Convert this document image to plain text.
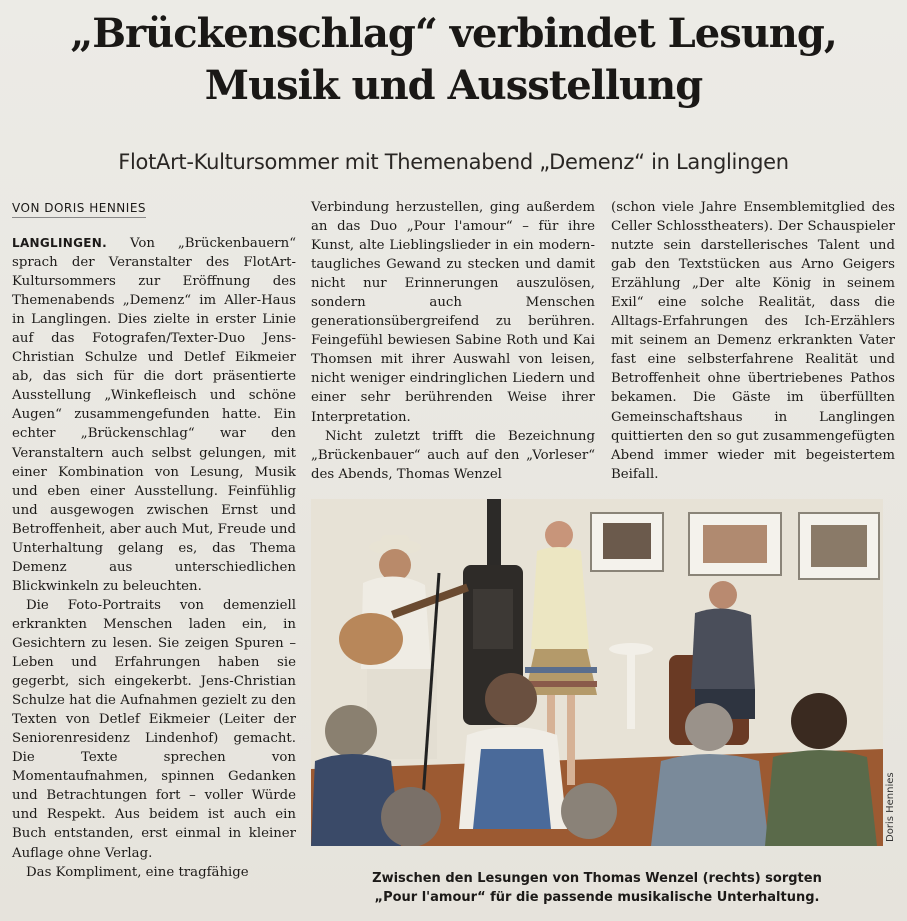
„Brückenschlag“ verbindet Lesung,
Musik und Ausstellung
FlotArt-Kultursommer mit Themenabend „Demenz“ in Langlingen
VON DORIS HENNIES

LANGLINGEN. Von „Brückenbauern“ sprach der Veranstalter des FlotArt-Kultursommers zur Eröffnung des Themenabends „Demenz“ im Aller-Haus in Langlingen. Dies zielte in erster Linie auf das Fotografen/Texter-Duo Jens-Christian Schulze und Detlef Eikmeier ab, das sich für die dort präsentierte Ausstellung „Winkefleisch und schöne Augen“ zusammengefunden hatte. Ein echter „Brückenschlag“ war den Veranstaltern auch selbst gelungen, mit einer Kombination von Lesung, Musik und eben einer Ausstellung. Feinfühlig und ausgewogen zwischen Ernst und Betroffenheit, aber auch Mut, Freude und Unterhaltung gelang es, das Thema Demenz aus unterschiedlichen Blickwinkeln zu beleuchten.

Die Foto-Portraits von demenziell erkrankten Menschen laden ein, in Gesichtern zu lesen. Sie zeigen Spuren – Leben und Erfahrungen haben sie gegerbt, sich eingekerbt. Jens-Christian Schulze hat die Aufnahmen gezielt zu den Texten von Detlef Eikmeier (Leiter der Seniorenresidenz Lindenhof) gemacht. Die Texte sprechen von Momentaufnahmen, spinnen Gedanken und Betrachtungen fort – voller Würde und Respekt. Aus beidem ist auch ein Buch entstanden, erst einmal in kleiner Auflage ohne Verlag.

Das Kompliment, eine tragfähige

Verbindung herzustellen, ging außerdem an das Duo „Pour l'amour“ – für ihre Kunst, alte Lieblingslieder in ein modern-taugliches Gewand zu stecken und damit nicht nur Erinnerungen auszulösen, sondern auch Menschen generationsübergreifend zu berühren. Feingefühl bewiesen Sabine Roth und Kai Thomsen mit ihrer Auswahl von leisen, nicht weniger eindringlichen Liedern und einer sehr berührenden Weise ihrer Interpretation.

Nicht zuletzt trifft die Bezeichnung „Brückenbauer“ auch auf den „Vorleser“ des Abends, Thomas Wenzel

(schon viele Jahre Ensemblemitglied des Celler Schlosstheaters). Der Schauspieler nutzte sein darstellerisches Talent und gab den Textstücken aus Arno Geigers Erzählung „Der alte König in seinem Exil“ eine solche Realität, dass die Alltags-Erfahrungen des Ich-Erzählers mit seinem an Demenz erkrankten Vater fast eine selbsterfahrene Realität und Betroffenheit ohne übertriebenes Pathos bekamen. Die Gäste im überfüllten Gemeinschaftshaus in Langlingen quittierten den so gut zusammengefügten Abend immer wieder mit begeistertem Beifall.

Doris Hennies
Zwischen den Lesungen von Thomas Wenzel (rechts) sorgten
„Pour l'amour“ für die passende musikalische Unterhaltung.
